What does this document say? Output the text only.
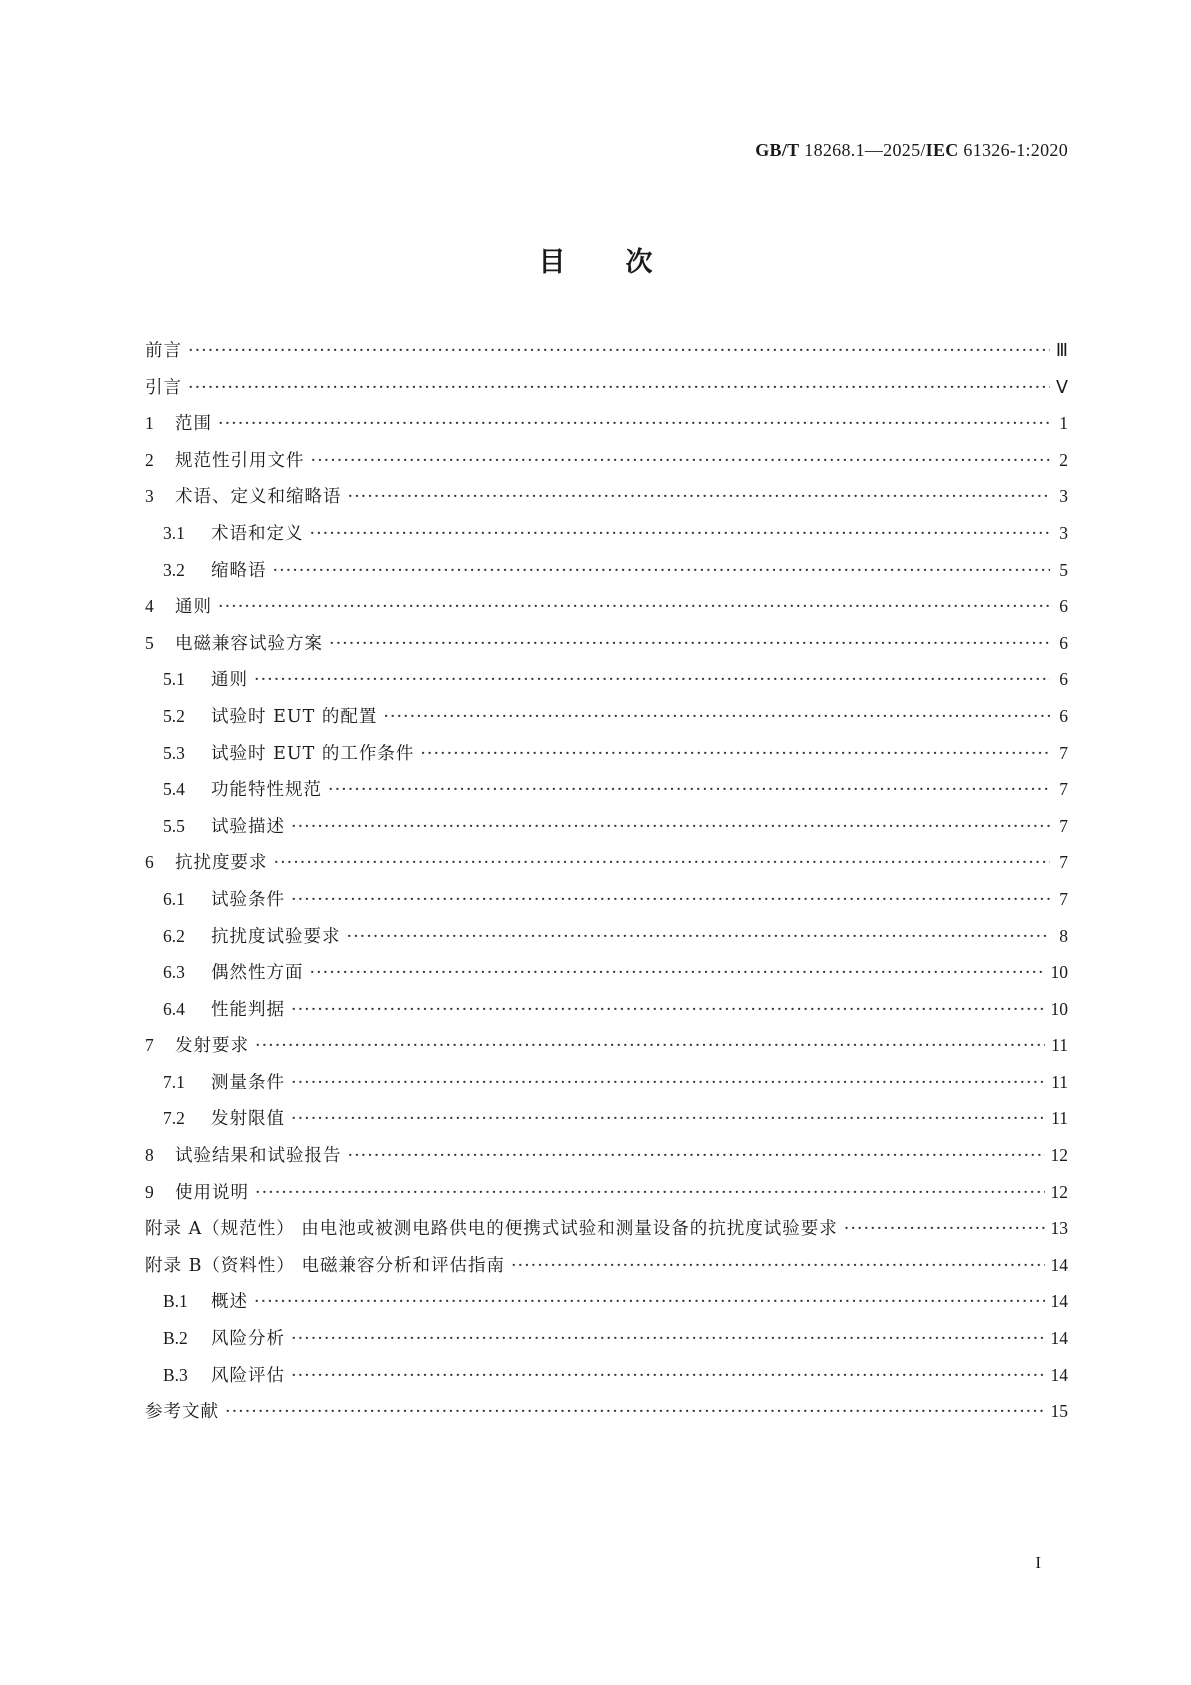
GB/T 18268.1—2025/IEC 61326-1:2020
目 次
前言 ·····	Ⅲ
引言 ·····	Ⅴ
1	范围 ·····	1
2	规范性引用文件 ·····	2
3	术语、定义和缩略语 ·····	3
3.1	术语和定义 ·····	3
3.2	缩略语 ·····	5
4	通则 ·····	6
5	电磁兼容试验方案 ·····	6
5.1	通则 ·····	6
5.2	试验时 EUT 的配置 ·····	6
5.3	试验时 EUT 的工作条件 ·····	7
5.4	功能特性规范 ·····	7
5.5	试验描述 ·····	7
6	抗扰度要求 ·····	7
6.1	试验条件 ·····	7
6.2	抗扰度试验要求 ·····	8
6.3	偶然性方面 ·····	10
6.4	性能判据 ·····	10
7	发射要求 ·····	11
7.1	测量条件 ·····	11
7.2	发射限值 ·····	11
8	试验结果和试验报告 ·····	12
9	使用说明 ·····	12
附录 A（规范性） 由电池或被测电路供电的便携式试验和测量设备的抗扰度试验要求 ·····	13
附录 B（资料性） 电磁兼容分析和评估指南 ·····	14
B.1	概述 ·····	14
B.2	风险分析 ·····	14
B.3	风险评估 ·····	14
参考文献 ·····	15
I
